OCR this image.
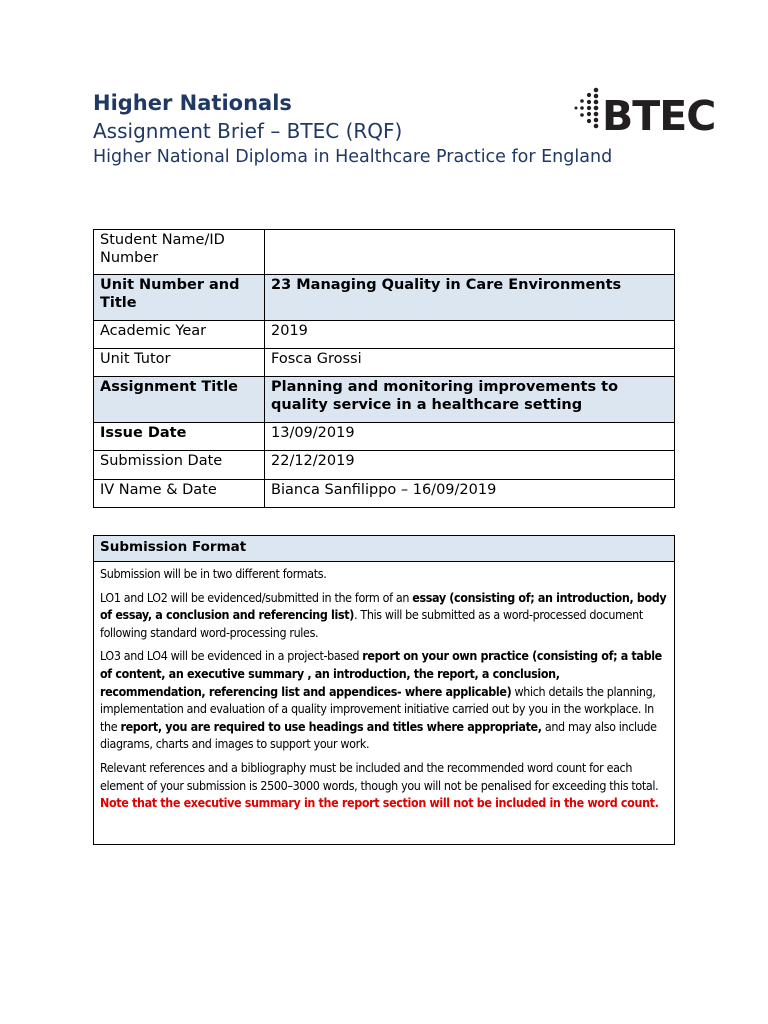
Higher Nationals

Assignment Brief – BTEC (RQF)

Higher National Diploma in Healthcare Practice for England

BTEC
Student Name/ID Number	
Unit Number and Title	23 Managing Quality in Care Environments
Academic Year	2019
Unit Tutor	Fosca Grossi
Assignment Title	Planning and monitoring improvements to quality service in a healthcare setting
Issue Date	13/09/2019
Submission Date	22/12/2019
IV Name & Date	Bianca Sanfilippo – 16/09/2019
Submission Format

Submission will be in two different formats.

LO1 and LO2 will be evidenced/submitted in the form of an essay (consisting of; an introduction, body of essay, a conclusion and referencing list). This will be submitted as a word-processed document following standard word-processing rules.

LO3 and LO4 will be evidenced in a project-based report on your own practice (consisting of; a table of content, an executive summary , an introduction, the report, a conclusion, recommendation, referencing list and appendices- where applicable) which details the planning, implementation and evaluation of a quality improvement initiative carried out by you in the workplace. In the report, you are required to use headings and titles where appropriate, and may also include diagrams, charts and images to support your work.

Relevant references and a bibliography must be included and the recommended word count for each element of your submission is 2500–3000 words, though you will not be penalised for exceeding this total. Note that the executive summary in the report section will not be included in the word count.
